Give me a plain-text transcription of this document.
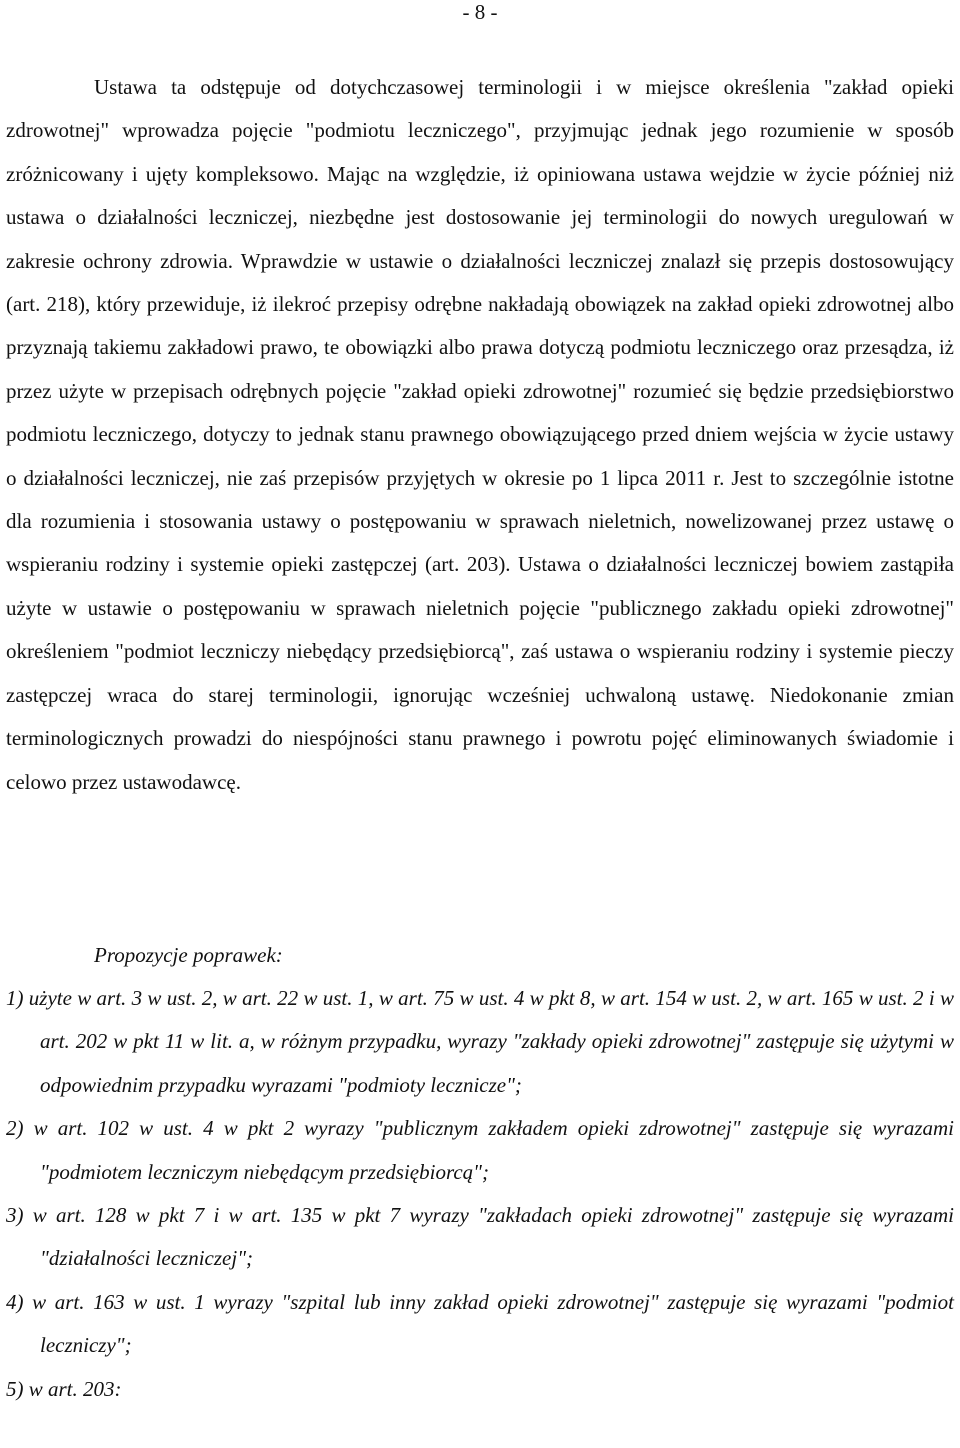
- 8 -

Ustawa ta odstępuje od dotychczasowej terminologii i w miejsce określenia "zakład opieki zdrowotnej" wprowadza pojęcie "podmiotu leczniczego", przyjmując jednak jego rozumienie w sposób zróżnicowany i ujęty kompleksowo. Mając na względzie, iż opiniowana ustawa wejdzie w życie później niż ustawa o działalności leczniczej, niezbędne jest dostosowanie jej terminologii do nowych uregulowań w zakresie ochrony zdrowia. Wprawdzie w ustawie o działalności leczniczej znalazł się przepis dostosowujący (art. 218), który przewiduje, iż ilekroć przepisy odrębne nakładają obowiązek na zakład opieki zdrowotnej albo przyznają takiemu zakładowi prawo, te obowiązki albo prawa dotyczą podmiotu leczniczego oraz przesądza, iż przez użyte w przepisach odrębnych pojęcie "zakład opieki zdrowotnej" rozumieć się będzie przedsiębiorstwo podmiotu leczniczego, dotyczy to jednak stanu prawnego obowiązującego przed dniem wejścia w życie ustawy o działalności leczniczej, nie zaś przepisów przyjętych w okresie po 1 lipca 2011 r. Jest to szczególnie istotne dla rozumienia i stosowania ustawy o postępowaniu w sprawach nieletnich, nowelizowanej przez ustawę o wspieraniu rodziny i systemie opieki zastępczej (art. 203). Ustawa o działalności leczniczej bowiem zastąpiła użyte w ustawie o postępowaniu w sprawach nieletnich pojęcie "publicznego zakładu opieki zdrowotnej" określeniem "podmiot leczniczy niebędący przedsiębiorcą", zaś ustawa o wspieraniu rodziny i systemie pieczy zastępczej wraca do starej terminologii, ignorując wcześniej uchwaloną ustawę. Niedokonanie zmian terminologicznych prowadzi do niespójności stanu prawnego i powrotu pojęć eliminowanych świadomie i celowo przez ustawodawcę.

Propozycje poprawek:
1) użyte w art. 3 w ust. 2, w art. 22 w ust. 1, w art. 75 w ust. 4 w pkt 8, w art. 154 w ust. 2, w art. 165 w ust. 2 i w art. 202 w pkt 11 w lit. a, w różnym przypadku, wyrazy "zakłady opieki zdrowotnej" zastępuje się użytymi w odpowiednim przypadku wyrazami "podmioty lecznicze";
2) w art. 102 w ust. 4 w pkt 2 wyrazy "publicznym zakładem opieki zdrowotnej" zastępuje się wyrazami "podmiotem leczniczym niebędącym przedsiębiorcą";
3) w art. 128 w pkt 7 i w art. 135 w pkt 7 wyrazy "zakładach opieki zdrowotnej" zastępuje się wyrazami "działalności leczniczej";
4) w art. 163 w ust. 1 wyrazy "szpital lub inny zakład opieki zdrowotnej" zastępuje się wyrazami "podmiot leczniczy";
5) w art. 203:
